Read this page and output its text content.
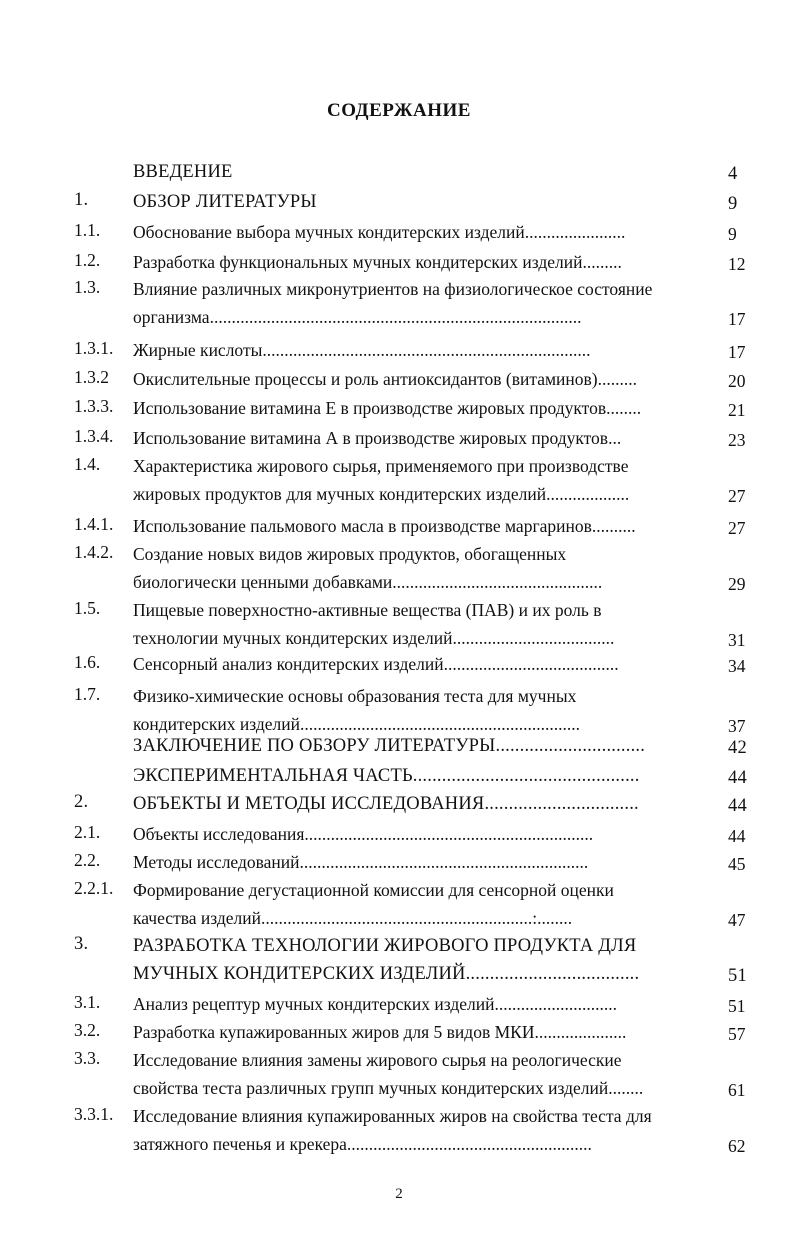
СОДЕРЖАНИЕ
ВВЕДЕНИЕ	4
1. ОБЗОР ЛИТЕРАТУРЫ	9
1.1. Обоснование выбора мучных кондитерских изделий.......................	9
1.2. Разработка функциональных мучных кондитерских изделий.........	12
1.3. Влияние различных микронутриентов на физиологическое состояние
организма.....................................................................................	17
1.3.1. Жирные кислоты...........................................................................	17
1.3.2 Окислительные процессы и роль антиоксидантов (витаминов).........	20
1.3.3. Использование витамина Е в производстве жировых продуктов........	21
1.3.4. Использование витамина А в производстве жировых продуктов...	23
1.4. Характеристика жирового сырья, применяемого при производстве
жировых продуктов для мучных кондитерских изделий...................	27
1.4.1. Использование пальмового масла в производстве маргаринов..........	27
1.4.2. Создание новых видов жировых продуктов, обогащенных
биологически ценными добавками................................................	29
1.5. Пищевые поверхностно-активные вещества (ПАВ) и их роль в
технологии мучных кондитерских изделий.....................................	31
1.6. Сенсорный анализ кондитерских изделий........................................	34
1.7. Физико-химические основы образования теста для мучных
кондитерских изделий................................................................	37
ЗАКЛЮЧЕНИЕ ПО ОБЗОРУ ЛИТЕРАТУРЫ...............................	42
ЭКСПЕРИМЕНТАЛЬНАЯ ЧАСТЬ...............................................	44
2. ОБЪЕКТЫ И МЕТОДЫ ИССЛЕДОВАНИЯ................................	44
2.1. Объекты исследования..................................................................	44
2.2. Методы исследований..................................................................	45
2.2.1. Формирование дегустационной комиссии для сенсорной оценки
качества изделий..............................................................:........	47
3. РАЗРАБОТКА ТЕХНОЛОГИИ ЖИРОВОГО ПРОДУКТА ДЛЯ
МУЧНЫХ КОНДИТЕРСКИХ ИЗДЕЛИЙ....................................	51
3.1. Анализ рецептур мучных кондитерских изделий............................	51
3.2. Разработка купажированных жиров для 5 видов МКИ.....................	57
3.3. Исследование влияния замены жирового сырья на реологические
свойства теста различных групп мучных кондитерских изделий........	61
3.3.1. Исследование влияния купажированных жиров на свойства теста для
затяжного печенья и крекера........................................................	62
2
